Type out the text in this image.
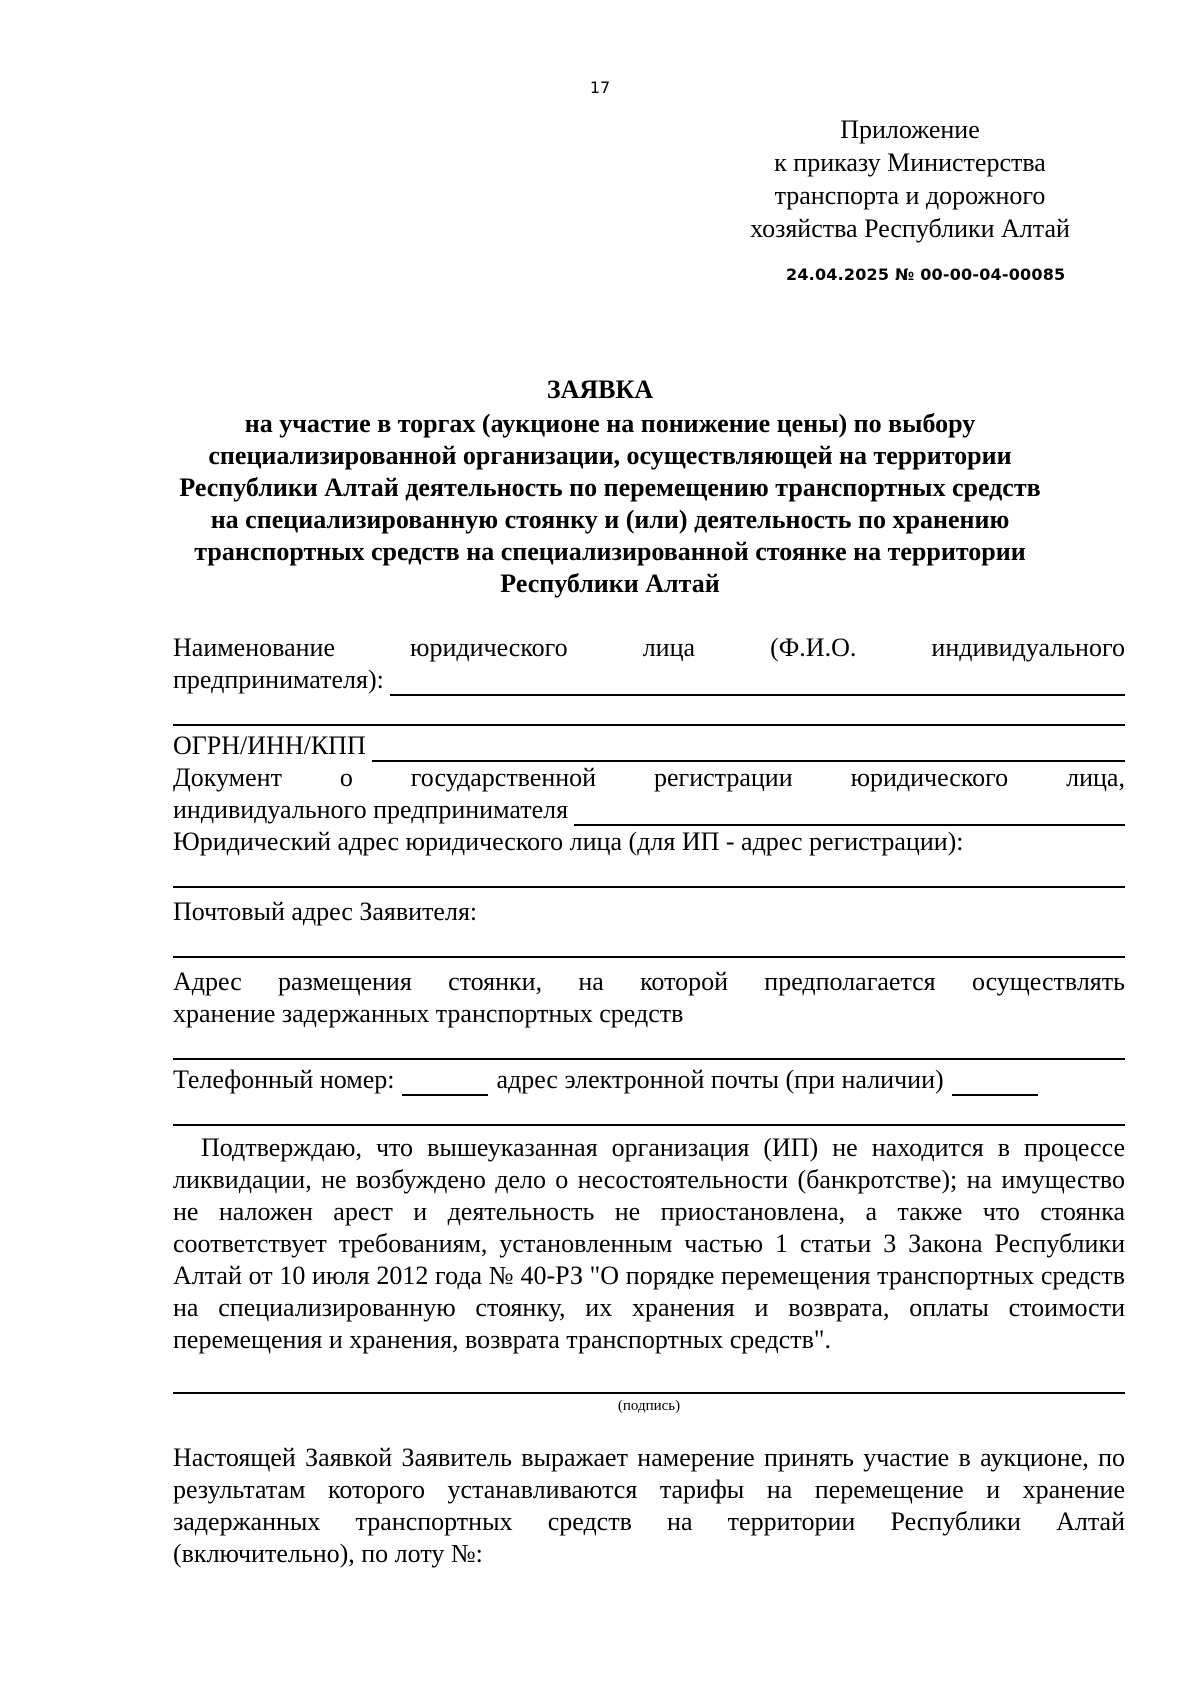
17
Приложение
к приказу Министерства
транспорта и дорожного
хозяйства Республики Алтай
24.04.2025 № 00-00-04-00085
ЗАЯВКА
на участие в торгах (аукционе на понижение цены) по выбору специализированной организации, осуществляющей на территории Республики Алтай деятельность по перемещению транспортных средств на специализированную стоянку и (или) деятельность по хранению транспортных средств на специализированной стоянке на территории Республики Алтай
Наименование	юридического	лица	(Ф.И.О.	индивидуального
предпринимателя):
ОГРН/ИНН/КПП
Документ о государственной регистрации юридического лица,
индивидуального предпринимателя
Юридический адрес юридического лица (для ИП - адрес регистрации):
Почтовый адрес Заявителя:
Адрес размещения стоянки, на которой предполагается осуществлять
хранение задержанных транспортных средств
Телефонный номер:	адрес электронной почты (при наличии)
Подтверждаю, что вышеуказанная организация (ИП) не находится в процессе ликвидации, не возбуждено дело о несостоятельности (банкротстве); на имущество не наложен арест и деятельность не приостановлена, а также что стоянка соответствует требованиям, установленным частью 1 статьи 3 Закона Республики Алтай от 10 июля 2012 года № 40-РЗ "О порядке перемещения транспортных средств на специализированную стоянку, их хранения и возврата, оплаты стоимости перемещения и хранения, возврата транспортных средств".
(подпись)
Настоящей Заявкой Заявитель выражает намерение принять участие в аукционе, по результатам которого устанавливаются тарифы на перемещение и хранение задержанных транспортных средств на территории Республики Алтай (включительно), по лоту №:
